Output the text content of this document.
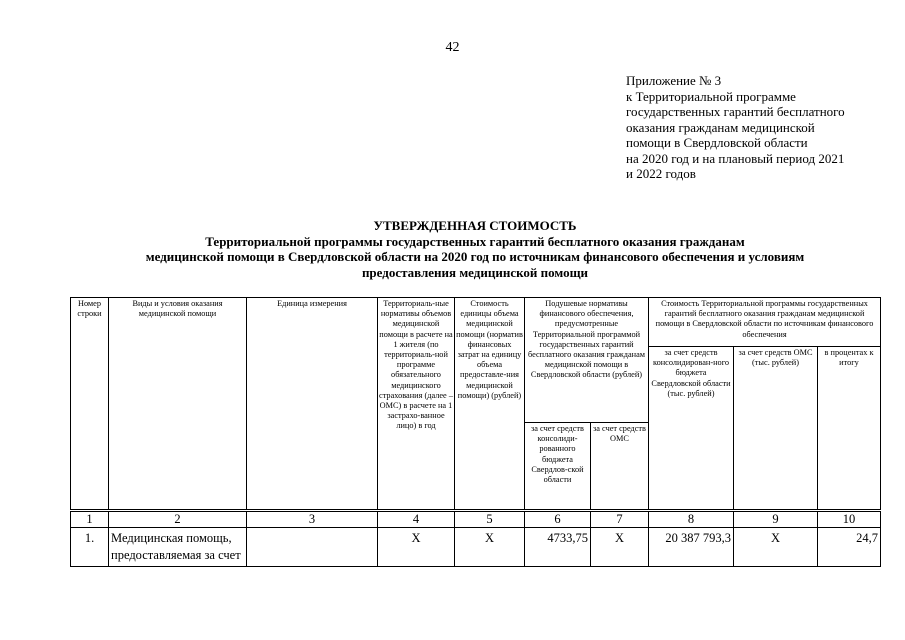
42
Приложение № 3
к Территориальной программе
государственных гарантий бесплатного
оказания гражданам медицинской
помощи в Свердловской области
на 2020 год и на плановый период 2021
и 2022 годов
УТВЕРЖДЕННАЯ СТОИМОСТЬ
Территориальной программы государственных гарантий бесплатного оказания гражданам
медицинской помощи в Свердловской области на 2020 год по источникам финансового обеспечения и условиям
предоставления медицинской помощи
Номер строки	Виды и условия оказания медицинской помощи	Единица измерения	Территориаль-ные нормативы объемов медицинской помощи в расчете на 1 жителя (по территориаль-ной программе обязательного медицинского страхования (далее – ОМС) в расчете на 1 застрахо-ванное лицо) в год	Стоимость единицы объема медицинской помощи (норматив финансовых затрат на единицу объема предоставле-ния медицинской помощи) (рублей)	Подушевые нормативы финансового обеспечения, предусмотренные Территориальной программой государственных гарантий бесплатного оказания гражданам медицинской помощи в Свердловской области (рублей)		Стоимость Территориальной программы государственных гарантий бесплатного оказания гражданам медицинской помощи в Свердловской области по источникам финансового обеспечения		
							за счет средств консолидирован-ного бюджета Свердловской области (тыс. рублей)	за счет средств ОМС (тыс. рублей)	в процентах к итогу
					за счет средств консолиди-рованного бюджета Свердлов-ской области	за счет средств ОМС			
1	2	3	4	5	6	7	8	9	10
1.	Медицинская помощь, предоставляемая за счет		Х	Х	4733,75	Х	20 387 793,3	Х	24,7
